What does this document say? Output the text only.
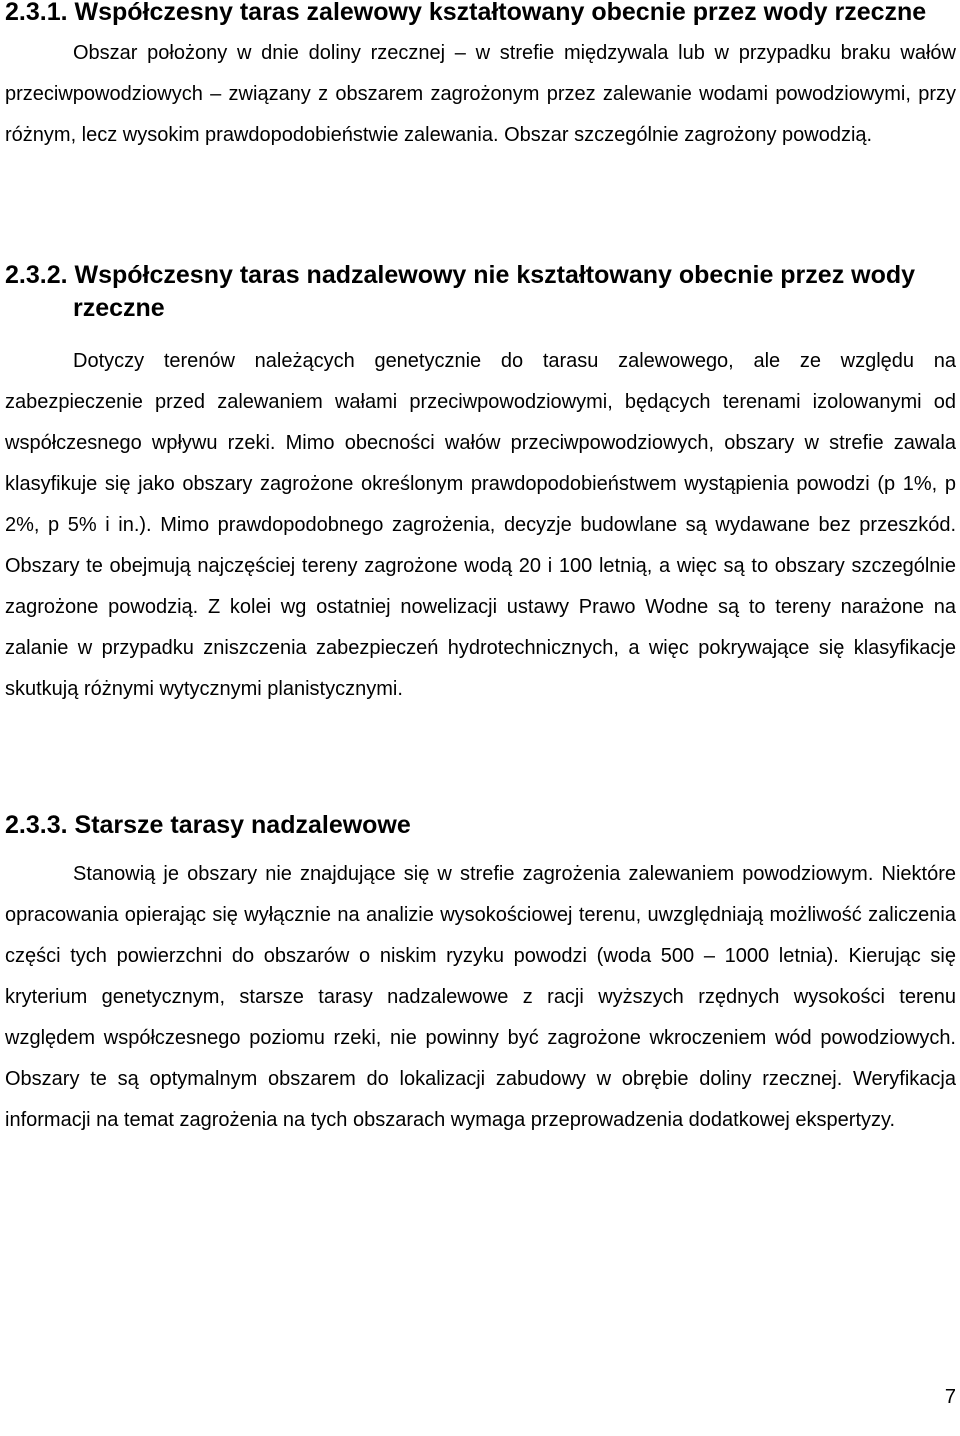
2.3.1. Współczesny taras zalewowy kształtowany obecnie przez wody rzeczne

Obszar położony w dnie doliny rzecznej – w strefie międzywala lub w przypadku braku wałów przeciwpowodziowych – związany z obszarem zagrożonym przez zalewanie wodami powodziowymi, przy różnym, lecz wysokim prawdopodobieństwie zalewania. Obszar szczególnie zagrożony powodzią.

2.3.2. Współczesny taras nadzalewowy nie kształtowany obecnie przez wody rzeczne

Dotyczy terenów należących genetycznie do tarasu zalewowego, ale ze względu na zabezpieczenie przed zalewaniem wałami przeciwpowodziowymi, będących terenami izolowanymi od współczesnego wpływu rzeki. Mimo obecności wałów przeciwpowodziowych, obszary w strefie zawala klasyfikuje się jako obszary zagrożone określonym prawdopodobieństwem wystąpienia powodzi (p 1%, p 2%, p 5% i in.). Mimo prawdopodobnego zagrożenia, decyzje budowlane są wydawane bez przeszkód. Obszary te obejmują najczęściej tereny zagrożone wodą 20 i 100 letnią, a więc są to obszary szczególnie zagrożone powodzią. Z kolei wg ostatniej nowelizacji ustawy Prawo Wodne są to tereny narażone na zalanie w przypadku zniszczenia zabezpieczeń hydrotechnicznych, a więc pokrywające się klasyfikacje skutkują różnymi wytycznymi planistycznymi.

2.3.3. Starsze tarasy nadzalewowe

Stanowią je obszary nie znajdujące się w strefie zagrożenia zalewaniem powodziowym. Niektóre opracowania opierając się wyłącznie na analizie wysokościowej terenu, uwzględniają możliwość zaliczenia części tych powierzchni do obszarów o niskim ryzyku powodzi (woda 500 – 1000 letnia). Kierując się kryterium genetycznym, starsze tarasy nadzalewowe z racji wyższych rzędnych wysokości terenu względem współczesnego poziomu rzeki, nie powinny być zagrożone wkroczeniem wód powodziowych. Obszary te są optymalnym obszarem do lokalizacji zabudowy w obrębie doliny rzecznej. Weryfikacja informacji na temat zagrożenia na tych obszarach wymaga przeprowadzenia dodatkowej ekspertyzy.

7
